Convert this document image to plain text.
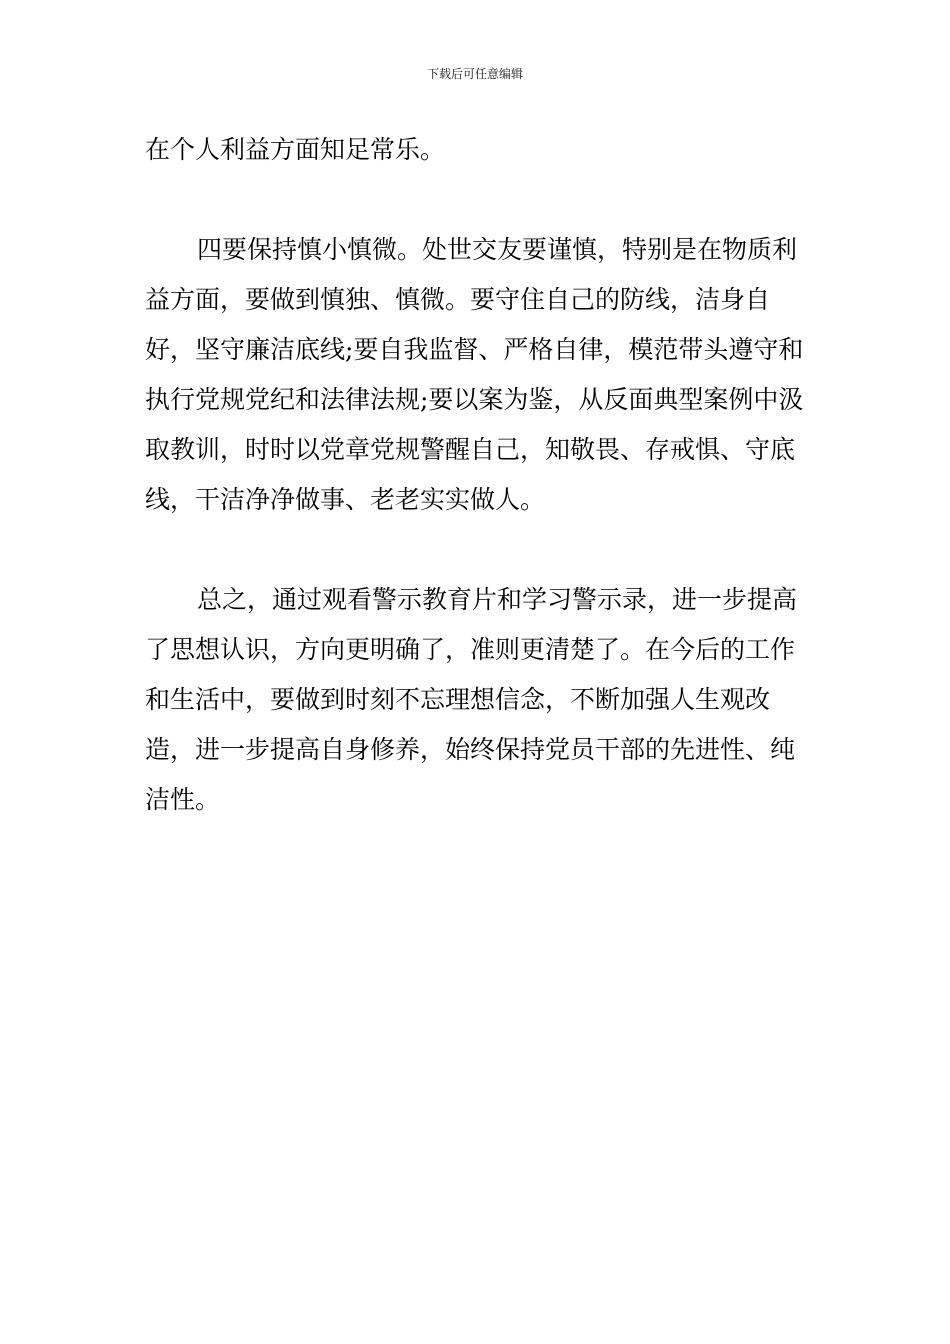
下载后可任意编辑

在个人利益方面知足常乐。

四要保持慎小慎微。处世交友要谨慎，特别是在物质利益方面，要做到慎独、慎微。要守住自己的防线，洁身自好，坚守廉洁底线;要自我监督、严格自律，模范带头遵守和执行党规党纪和法律法规;要以案为鉴，从反面典型案例中汲取教训，时时以党章党规警醒自己，知敬畏、存戒惧、守底线，干洁净净做事、老老实实做人。

总之，通过观看警示教育片和学习警示录，进一步提高了思想认识，方向更明确了，准则更清楚了。在今后的工作和生活中，要做到时刻不忘理想信念，不断加强人生观改造，进一步提高自身修养，始终保持党员干部的先进性、纯洁性。
